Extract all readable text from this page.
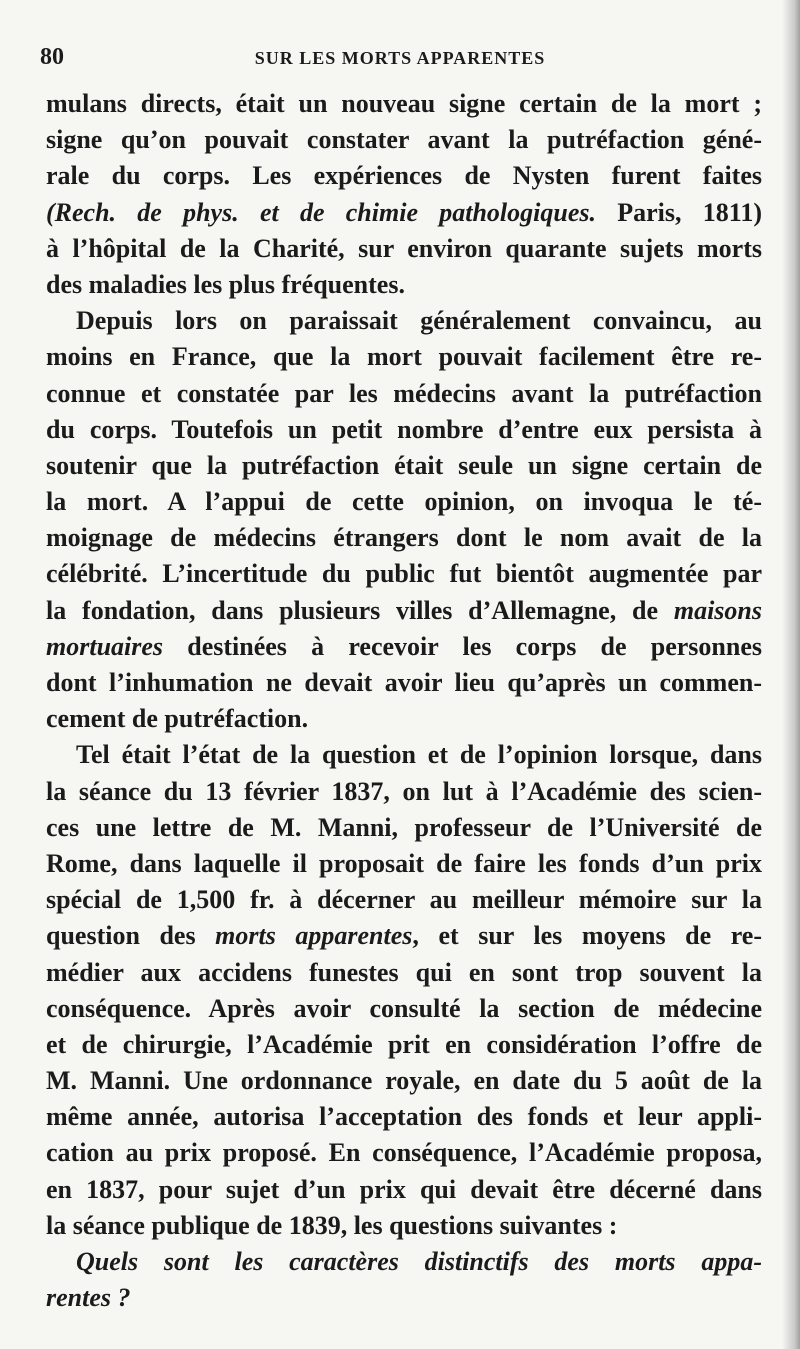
80	SUR LES MORTS APPARENTES
mulans directs, était un nouveau signe certain de la mort ;
signe qu’on pouvait constater avant la putréfaction géné-
rale du corps. Les expériences de Nysten furent faites
(Rech. de phys. et de chimie pathologiques. Paris, 1811)
à l’hôpital de la Charité, sur environ quarante sujets morts
des maladies les plus fréquentes.
Depuis lors on paraissait généralement convaincu, au
moins en France, que la mort pouvait facilement être re-
connue et constatée par les médecins avant la putréfaction
du corps. Toutefois un petit nombre d’entre eux persista à
soutenir que la putréfaction était seule un signe certain de
la mort. A l’appui de cette opinion, on invoqua le té-
moignage de médecins étrangers dont le nom avait de la
célébrité. L’incertitude du public fut bientôt augmentée par
la fondation, dans plusieurs villes d’Allemagne, de maisons
mortuaires destinées à recevoir les corps de personnes
dont l’inhumation ne devait avoir lieu qu’après un commen-
cement de putréfaction.
Tel était l’état de la question et de l’opinion lorsque, dans
la séance du 13 février 1837, on lut à l’Académie des scien-
ces une lettre de M. Manni, professeur de l’Université de
Rome, dans laquelle il proposait de faire les fonds d’un prix
spécial de 1,500 fr. à décerner au meilleur mémoire sur la
question des morts apparentes, et sur les moyens de re-
médier aux accidens funestes qui en sont trop souvent la
conséquence. Après avoir consulté la section de médecine
et de chirurgie, l’Académie prit en considération l’offre de
M. Manni. Une ordonnance royale, en date du 5 août de la
même année, autorisa l’acceptation des fonds et leur appli-
cation au prix proposé. En conséquence, l’Académie proposa,
en 1837, pour sujet d’un prix qui devait être décerné dans
la séance publique de 1839, les questions suivantes :
Quels sont les caractères distinctifs des morts appa-
rentes ?
